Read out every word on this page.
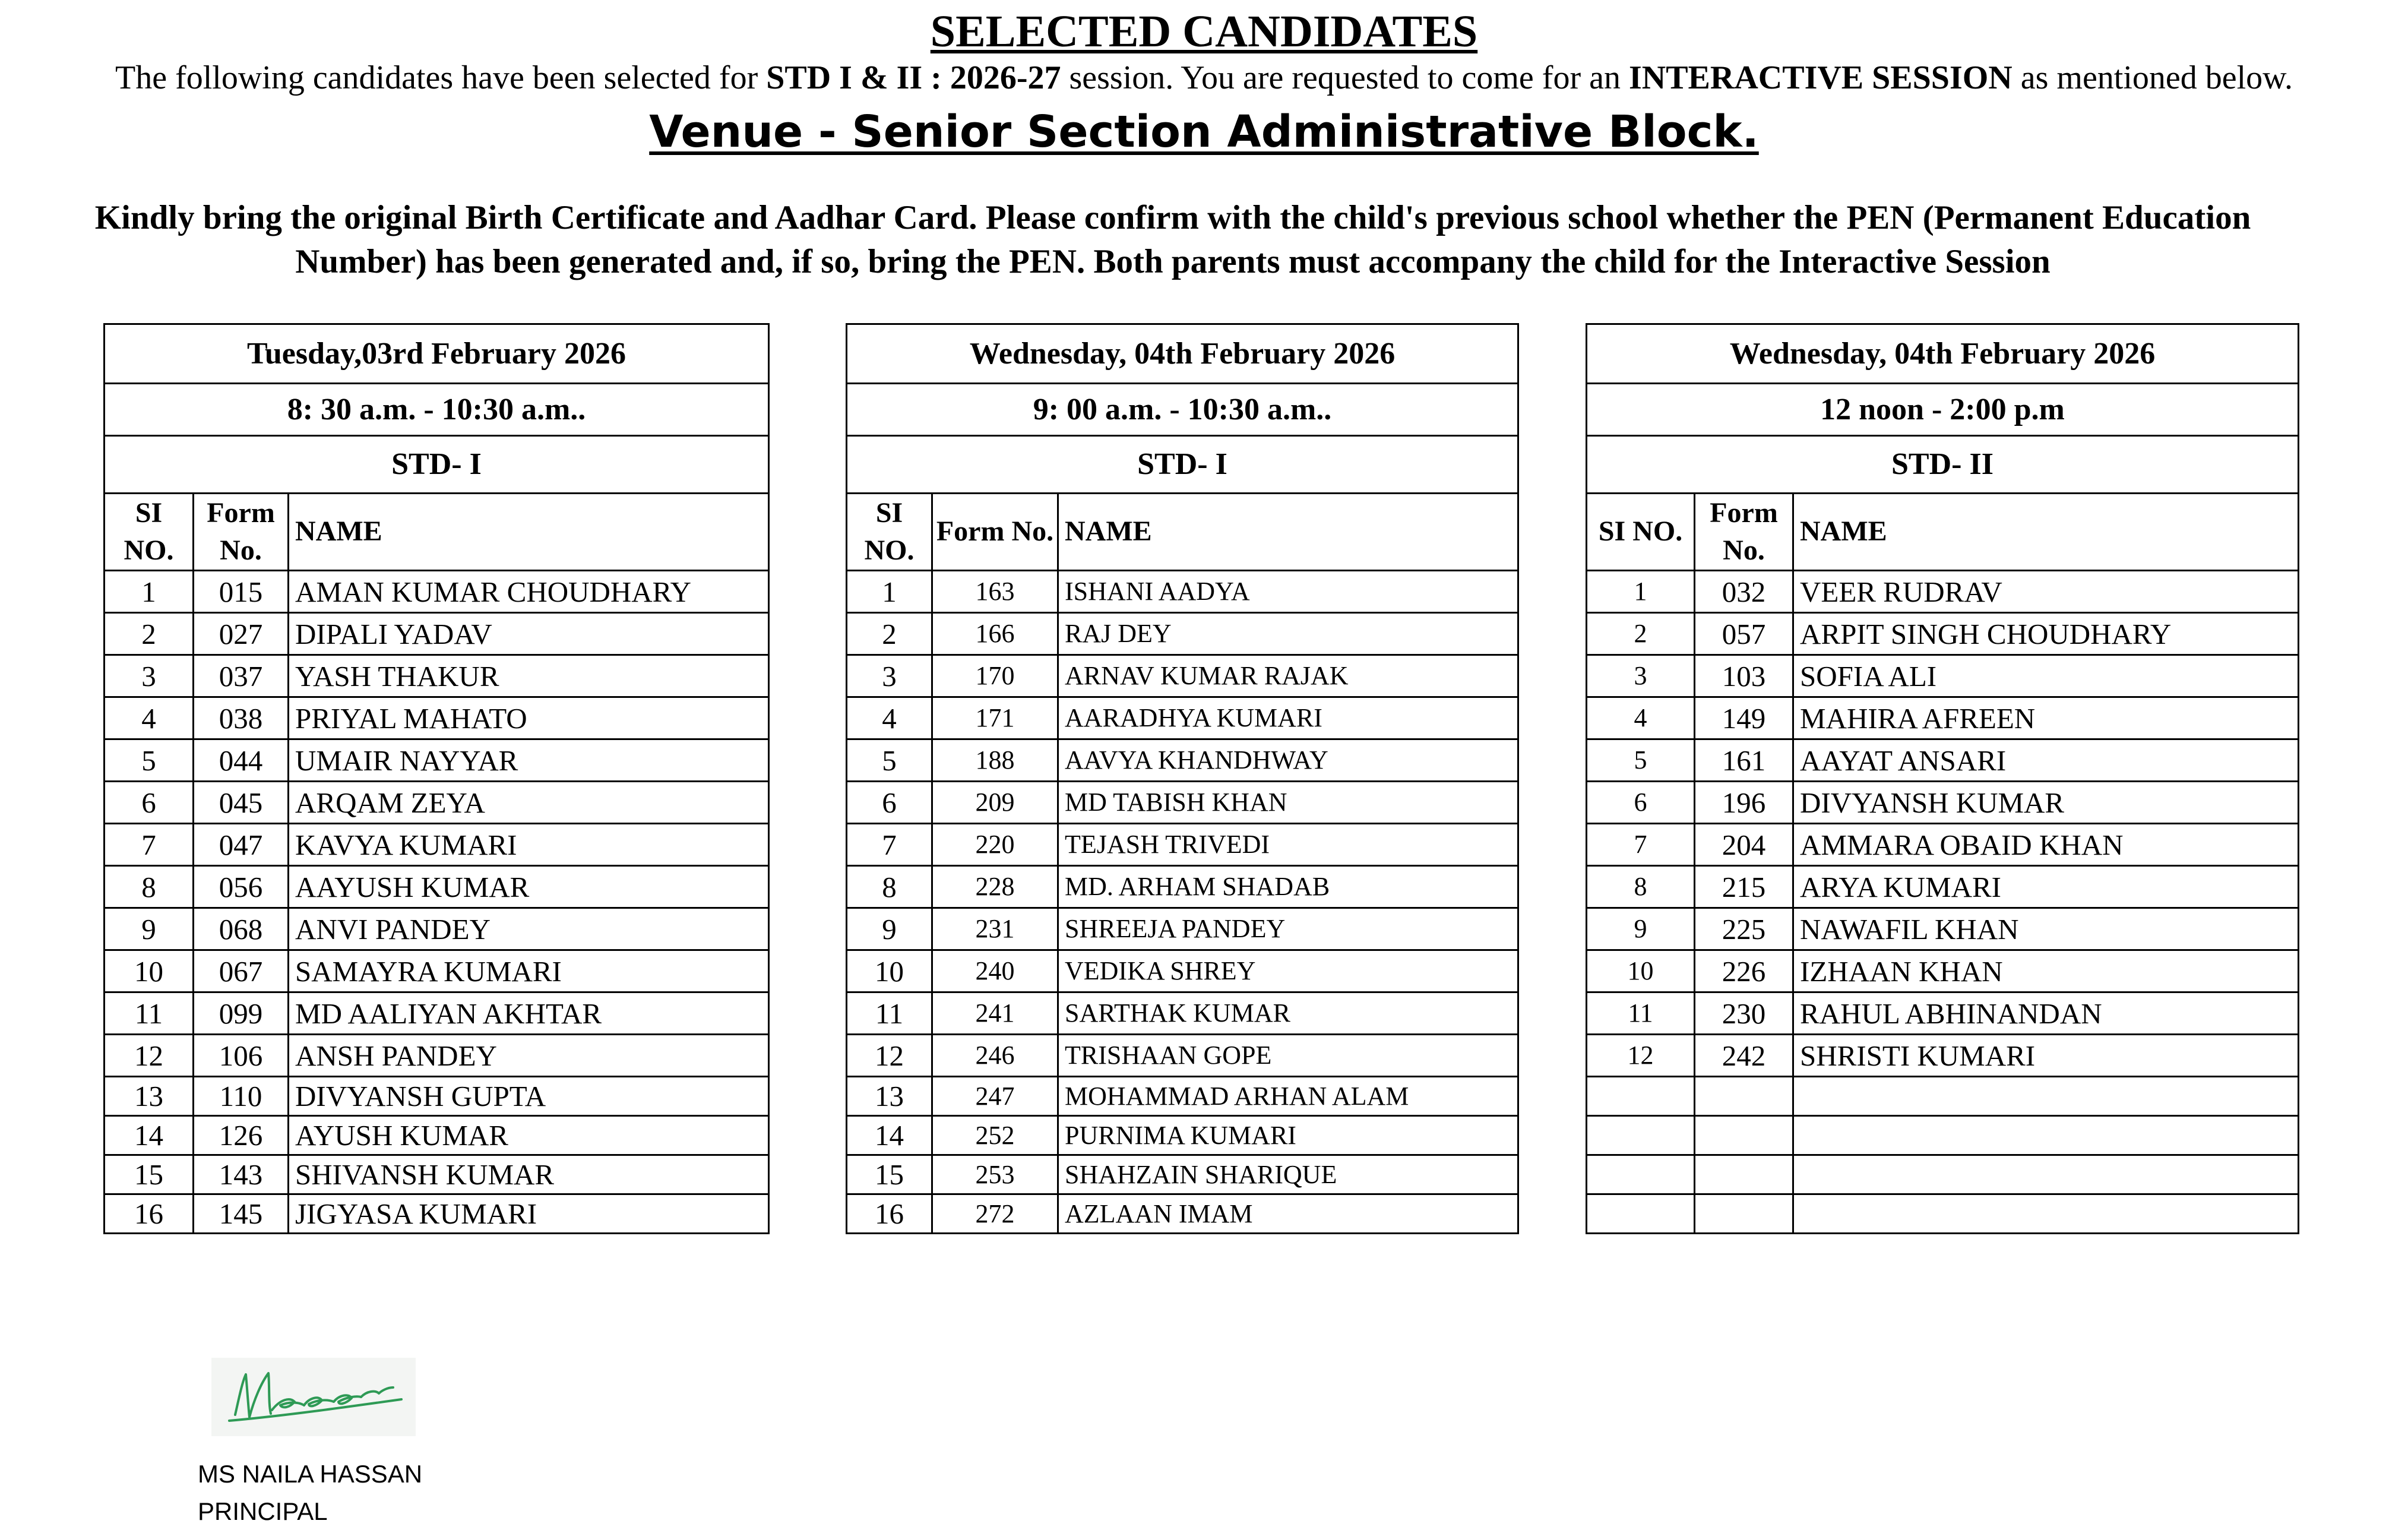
SELECTED CANDIDATES
The following candidates have been selected for STD I & II : 2026-27 session. You are requested to come for an INTERACTIVE SESSION as mentioned below.
Venue - Senior Section Administrative Block.
Kindly bring the original Birth Certificate and Aadhar Card. Please confirm with the child's previous school whether the PEN (Permanent Education
Number) has been generated and, if so, bring the PEN. Both parents must accompany the child for the Interactive Session
Tuesday,03rd February 2026		
8: 30 a.m. - 10:30 a.m..		
STD- I		
SI NO.	Form No.	NAME
1	015	AMAN KUMAR CHOUDHARY
2	027	DIPALI YADAV
3	037	YASH THAKUR
4	038	PRIYAL MAHATO
5	044	UMAIR NAYYAR
6	045	ARQAM ZEYA
7	047	KAVYA KUMARI
8	056	AAYUSH KUMAR
9	068	ANVI PANDEY
10	067	SAMAYRA KUMARI
11	099	MD AALIYAN AKHTAR
12	106	ANSH PANDEY
13	110	DIVYANSH GUPTA
14	126	AYUSH KUMAR
15	143	SHIVANSH KUMAR
16	145	JIGYASA KUMARI
Wednesday, 04th February 2026		
9: 00 a.m. - 10:30 a.m..		
STD- I		
SI NO.	Form No.	NAME
1	163	ISHANI AADYA
2	166	RAJ DEY
3	170	ARNAV KUMAR RAJAK
4	171	AARADHYA KUMARI
5	188	AAVYA KHANDHWAY
6	209	MD TABISH KHAN
7	220	TEJASH TRIVEDI
8	228	MD. ARHAM SHADAB
9	231	SHREEJA PANDEY
10	240	VEDIKA SHREY
11	241	SARTHAK KUMAR
12	246	TRISHAAN GOPE
13	247	MOHAMMAD ARHAN ALAM
14	252	PURNIMA KUMARI
15	253	SHAHZAIN SHARIQUE
16	272	AZLAAN IMAM
Wednesday, 04th February 2026		
12 noon - 2:00 p.m		
STD- II		
SI NO.	Form No.	NAME
1	032	VEER RUDRAV
2	057	ARPIT SINGH CHOUDHARY
3	103	SOFIA ALI
4	149	MAHIRA AFREEN
5	161	AAYAT ANSARI
6	196	DIVYANSH KUMAR
7	204	AMMARA OBAID KHAN
8	215	ARYA KUMARI
9	225	NAWAFIL KHAN
10	226	IZHAAN KHAN
11	230	RAHUL ABHINANDAN
12	242	SHRISTI KUMARI

MS NAILA HASSAN
PRINCIPAL
